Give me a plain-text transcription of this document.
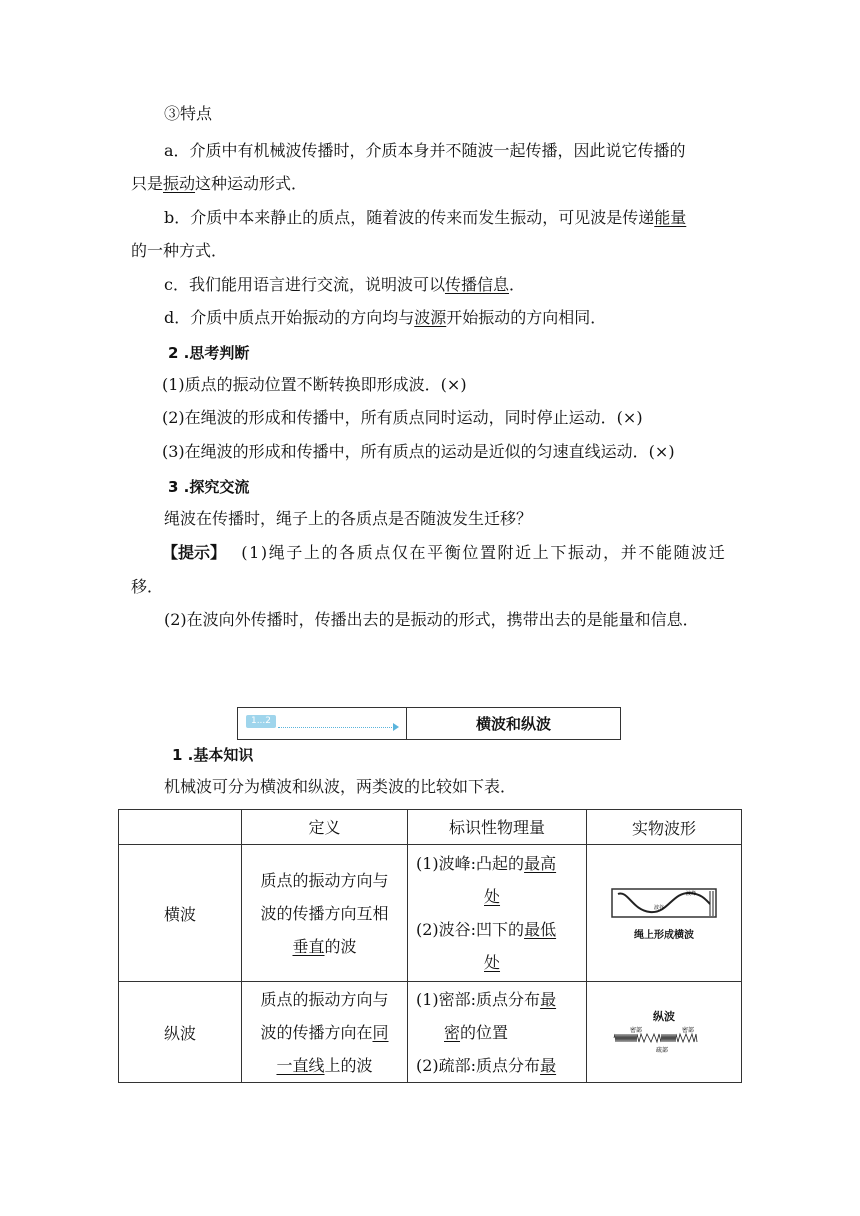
③特点
a．介质中有机械波传播时，介质本身并不随波一起传播，因此说它传播的
只是振动这种运动形式．
b．介质中本来静止的质点，随着波的传来而发生振动，可见波是传递能量
的一种方式．
c．我们能用语言进行交流，说明波可以传播信息．
d．介质中质点开始振动的方向均与波源开始振动的方向相同．
2 .思考判断
(1)质点的振动位置不断转换即形成波．(×)
(2)在绳波的形成和传播中，所有质点同时运动，同时停止运动．(×)
(3)在绳波的形成和传播中，所有质点的运动是近似的匀速直线运动．(×)
3 .探究交流
绳波在传播时，绳子上的各质点是否随波发生迁移？
【提示】 (1)绳子上的各质点仅在平衡位置附近上下振动，并不能随波迁
移．
(2)在波向外传播时，传播出去的是振动的形式，携带出去的是能量和信息．
1...2	横波和纵波
1 .基本知识
机械波可分为横波和纵波，两类波的比较如下表．
	定义	标识性物理量	实物波形
横波	质点的振动方向与
波的传播方向互相
垂直的波	(1)波峰:凸起的最高
处
(2)波谷:凹下的最低
处	波峰
波谷
绳上形成横波

纵波	质点的振动方向与
波的传播方向在同
一直线上的波	(1)密部:质点分布最
密的位置
(2)疏部:质点分布最	纵波
密部 密部
疏部
